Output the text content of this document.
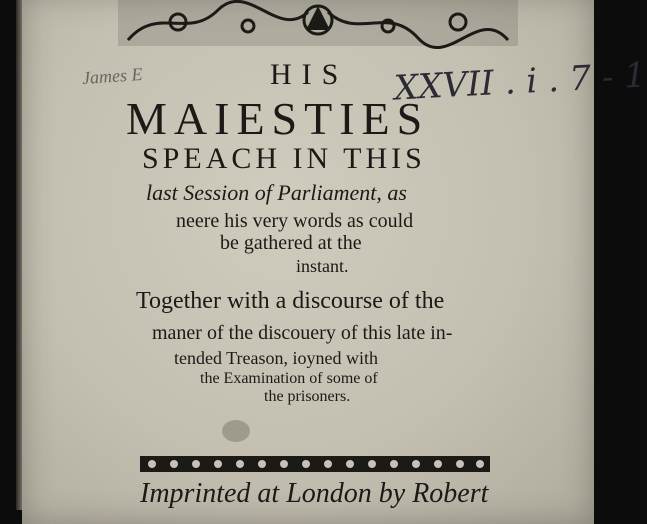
James E	XXVII . i . 7 - 1
HIS
MAIESTIES
SPEACH IN THIS
last Session of Parliament, as
neere his very words as could
be gathered at the
instant.
Together with a discourse of the
maner of the discouery of this late in-
tended Treason, ioyned with
the Examination of some of
the prisoners.
Imprinted at London by Robert
